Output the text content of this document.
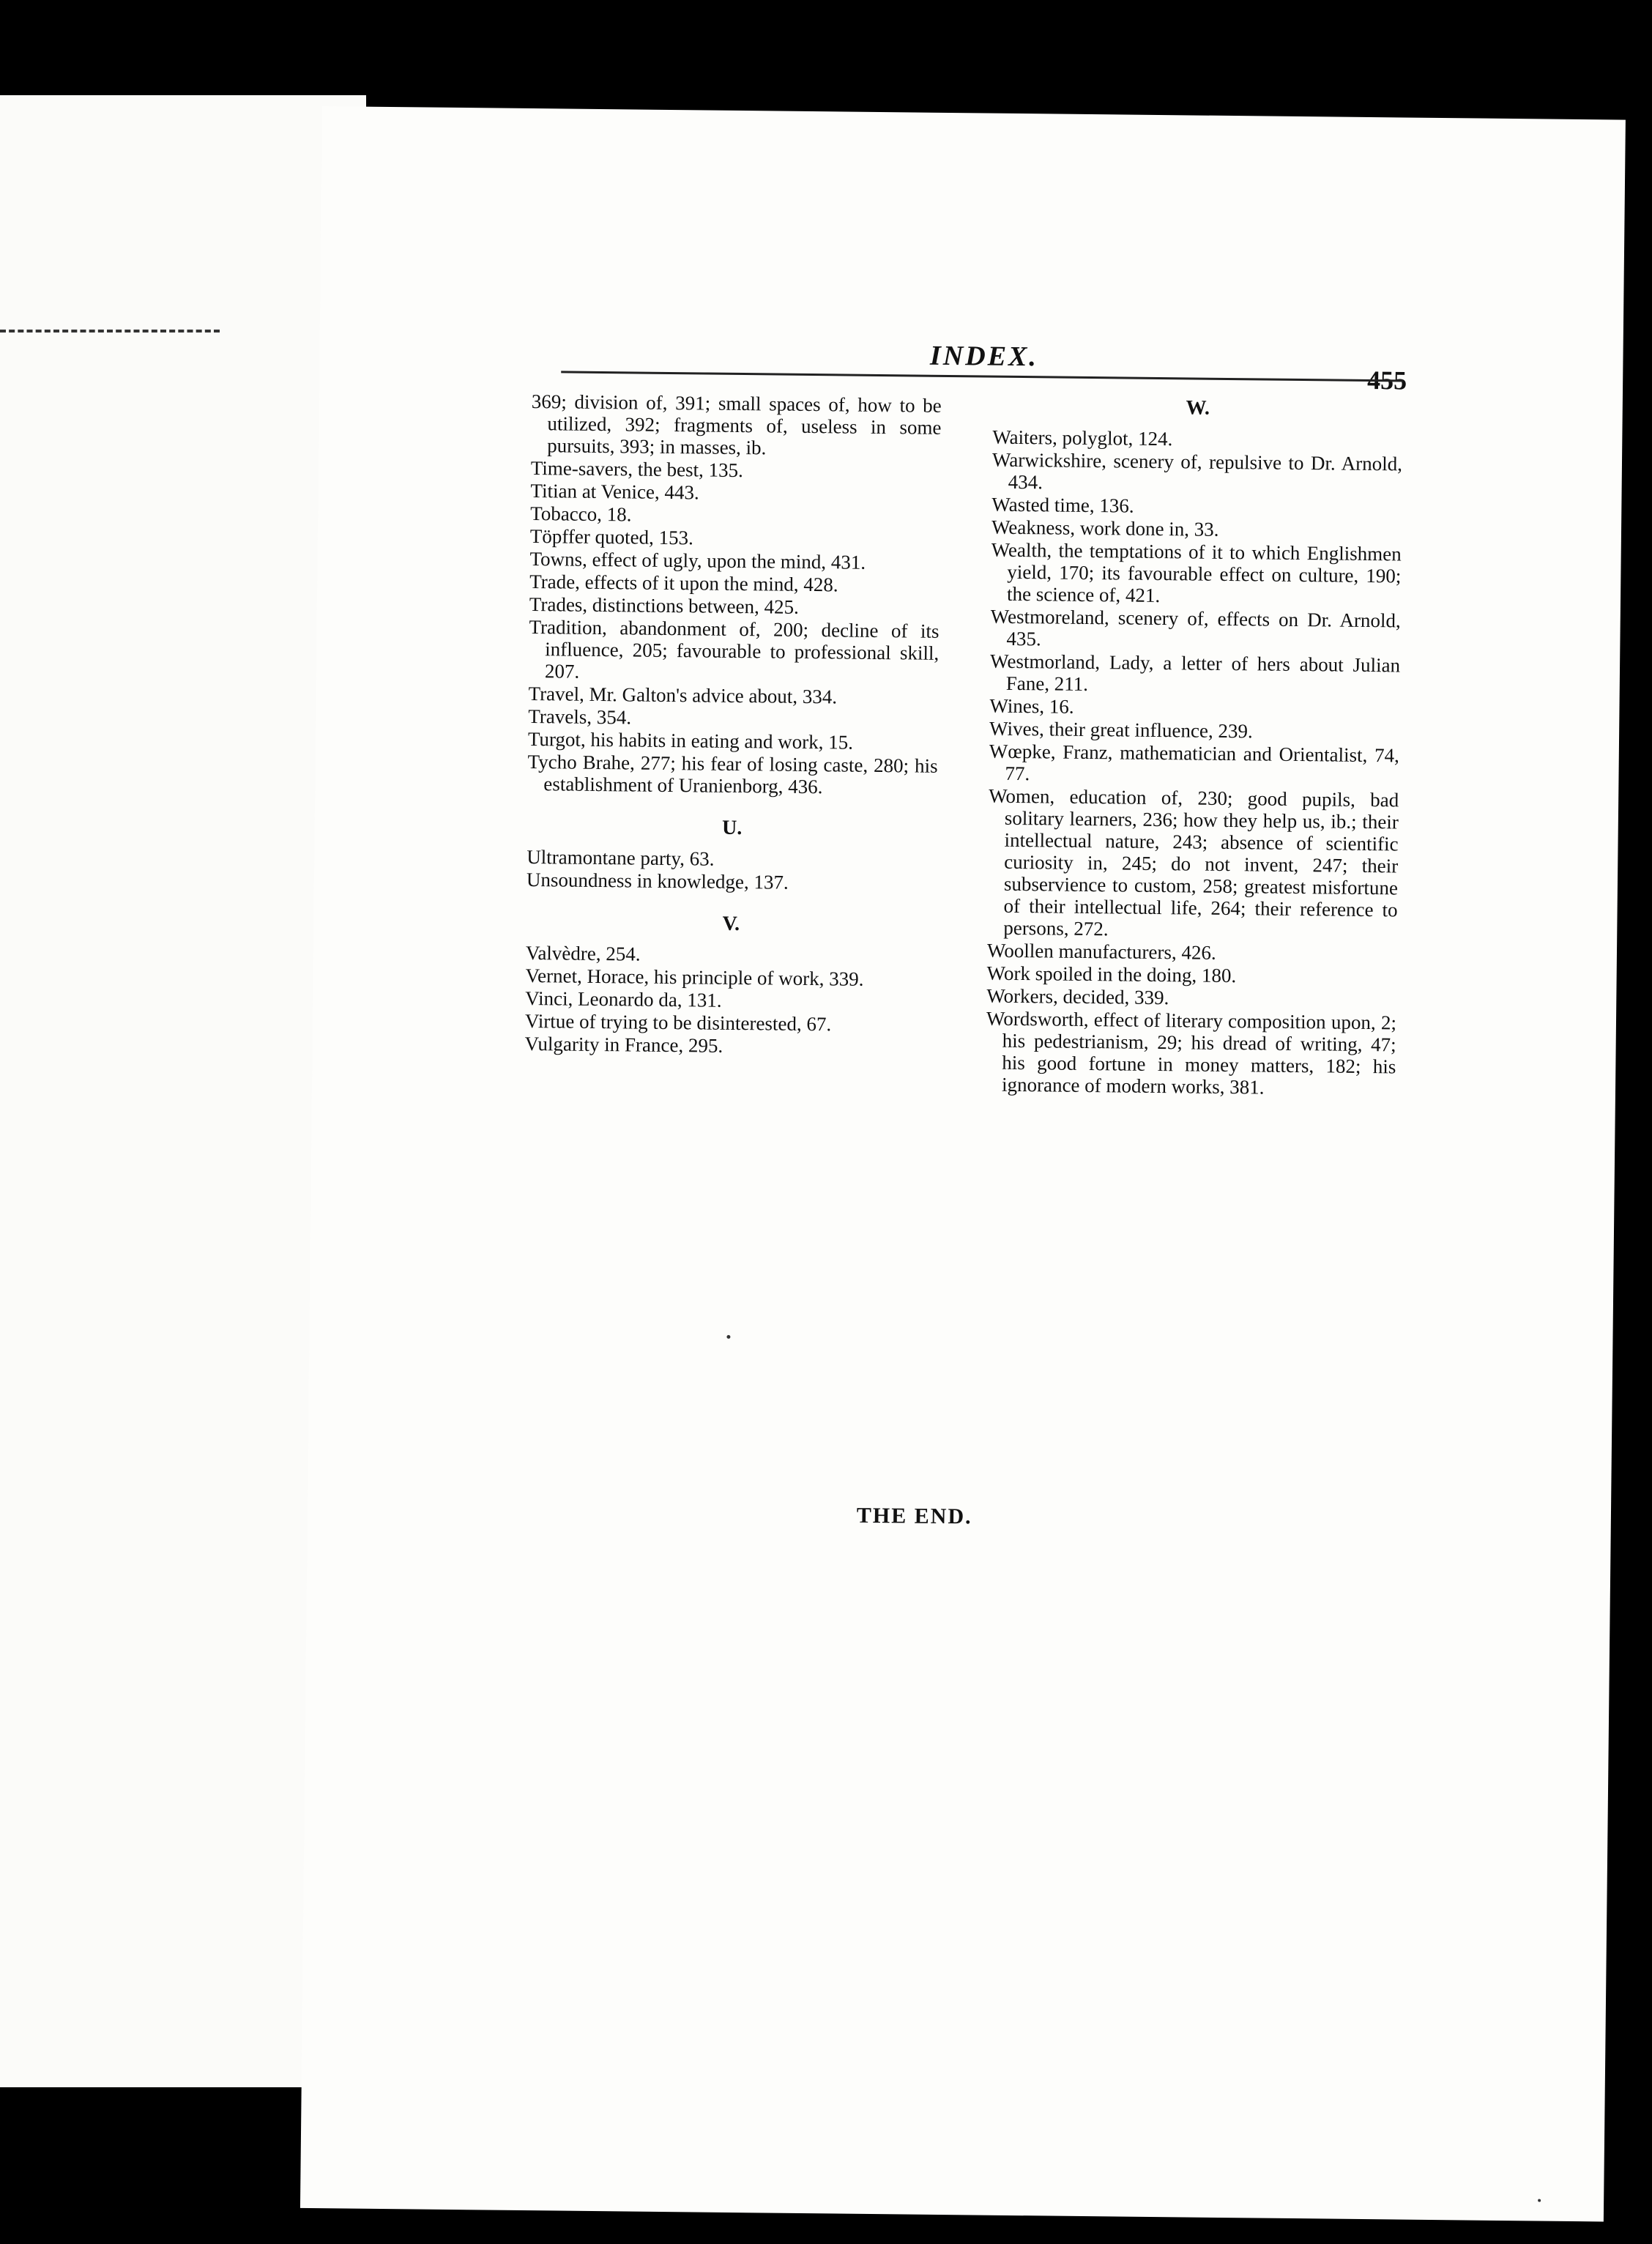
INDEX.
455

369; division of, 391; small spaces of, how to be utilized, 392; fragments of, useless in some pursuits, 393; in masses, ib.

Time-savers, the best, 135.

Titian at Venice, 443.

Tobacco, 18.

Töpffer quoted, 153.

Towns, effect of ugly, upon the mind, 431.

Trade, effects of it upon the mind, 428.

Trades, distinctions between, 425.

Tradition, abandonment of, 200; decline of its influence, 205; favourable to professional skill, 207.

Travel, Mr. Galton's advice about, 334.

Travels, 354.

Turgot, his habits in eating and work, 15.

Tycho Brahe, 277; his fear of losing caste, 280; his establishment of Uranienborg, 436.

U.

Ultramontane party, 63.

Unsoundness in knowledge, 137.

V.

Valvèdre, 254.

Vernet, Horace, his principle of work, 339.

Vinci, Leonardo da, 131.

Virtue of trying to be disinterested, 67.

Vulgarity in France, 295.

W.

Waiters, polyglot, 124.

Warwickshire, scenery of, repulsive to Dr. Arnold, 434.

Wasted time, 136.

Weakness, work done in, 33.

Wealth, the temptations of it to which Englishmen yield, 170; its favourable effect on culture, 190; the science of, 421.

Westmoreland, scenery of, effects on Dr. Arnold, 435.

Westmorland, Lady, a letter of hers about Julian Fane, 211.

Wines, 16.

Wives, their great influence, 239.

Wœpke, Franz, mathematician and Orientalist, 74, 77.

Women, education of, 230; good pupils, bad solitary learners, 236; how they help us, ib.; their intellectual nature, 243; absence of scientific curiosity in, 245; do not invent, 247; their subservience to custom, 258; greatest misfortune of their intellectual life, 264; their reference to persons, 272.

Woollen manufacturers, 426.

Work spoiled in the doing, 180.

Workers, decided, 339.

Wordsworth, effect of literary composition upon, 2; his pedestrianism, 29; his dread of writing, 47; his good fortune in money matters, 182; his ignorance of modern works, 381.

THE END.
